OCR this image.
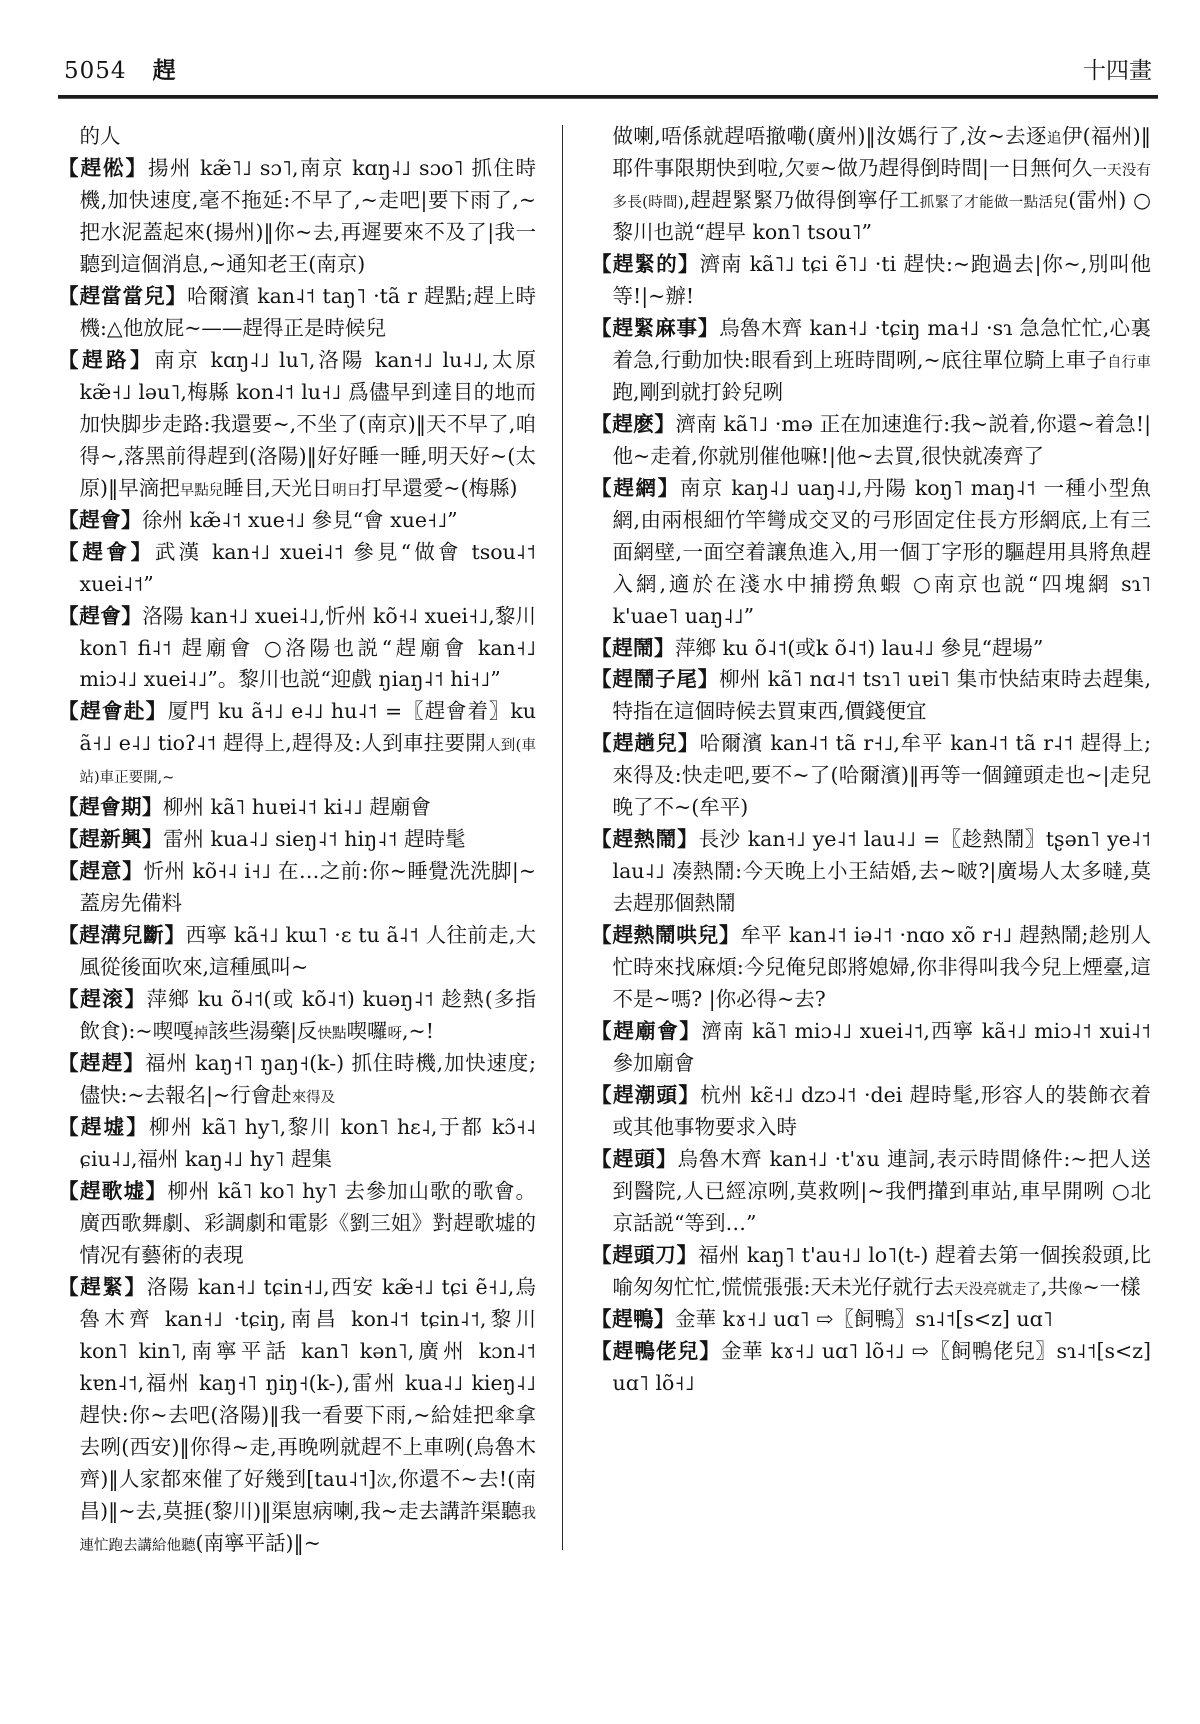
5054 趕	十四畫

的人

【趕倯】揚州 kæ̃˥˩ sɔ˥,南京 kɑŋ˨˩ sɔo˥ 抓住時機,加快速度,毫不拖延:不早了,~走吧|要下雨了,~把水泥蓋起來(揚州)‖你~去,再遲要來不及了|我一聽到這個消息,~通知老王(南京)

【趕當當兒】哈爾濱 kan˨˦ taŋ˥ ·tã r 趕點;趕上時機:△他放屁~——趕得正是時候兒

【趕路】南京 kɑŋ˨˩ lu˥,洛陽 kan˧˩ lu˨˩,太原 kæ̃˧˩ ləu˥,梅縣 kon˨˦ lu˧˩ 爲儘早到達目的地而加快脚步走路:我還要~,不坐了(南京)‖天不早了,咱得~,落黑前得趕到(洛陽)‖好好睡一睡,明天好~(太原)‖早滴把早點兒睡目,天光日明日打早還愛~(梅縣)

【趕會】徐州 kæ̃˨˦ xue˧˩ 參見“會 xue˧˩”

【趕會】武漢 kan˧˩ xuei˨˦ 參見“做會 tsou˨˦ xuei˨˦”

【趕會】洛陽 kan˧˩ xuei˨˩,忻州 kõ˧˨ xuei˧˩,黎川 kon˥ fi˨˦ 趕廟會 ○洛陽也説“趕廟會 kan˧˩ miɔ˨˩ xuei˨˩”。黎川也説“迎戲 ŋiaŋ˨˦ hi˧˩”

【趕會赴】厦門 ku ã˧˩ e˨˩ hu˨˦ =〖趕會着〗ku ã˧˩ e˨˩ tioʔ˨˦ 趕得上,趕得及:人到車拄要開人到(車站)車正要開,~

【趕會期】柳州 kã˥ huɐi˨˦ ki˨˩ 趕廟會

【趕新興】雷州 kua˨˩ sieŋ˨˦ hiŋ˨˦ 趕時髦

【趕意】忻州 kõ˧˨ i˧˩ 在…之前:你~睡覺洗洗脚|~蓋房先備料

【趕溝兒斷】西寧 kã˧˩ kɯ˥ ·ɛ tu ã˨˦ 人往前走,大風從後面吹來,這種風叫~

【趕滚】萍鄉 ku õ˨˦(或 kõ˨˦) kuəŋ˨˦ 趁熱(多指飲食):~喫嘎掉該些湯藥|反快點喫囉呀,~!

【趕趕】福州 kaŋ˧˥ ŋaŋ˧(k-) 抓住時機,加快速度;儘快:~去報名|~行會赴來得及

【趕墟】柳州 kã˥ hy˥,黎川 kon˥ hɛ˨,于都 kɔ̃˧˨ ɕiu˨˩,福州 kaŋ˨˩ hy˥ 趕集

【趕歌墟】柳州 kã˥ ko˥ hy˥ 去參加山歌的歌會。廣西歌舞劇、彩調劇和電影《劉三姐》對趕歌墟的情况有藝術的表現

【趕緊】洛陽 kan˧˩ tɕin˧˩,西安 kæ̃˧˩ tɕi ẽ˧˩,烏魯木齊 kan˧˩ ·tɕiŋ,南昌 kon˨˦ tɕin˨˦,黎川 kon˥ kin˥,南寧平話 kan˥ kən˥,廣州 kɔn˨˦ kɐn˨˦,福州 kaŋ˧˥ ŋiŋ˧(k-),雷州 kua˨˩ kieŋ˨˩ 趕快:你~去吧(洛陽)‖我一看要下雨,~給娃把傘拿去咧(西安)‖你得~走,再晚咧就趕不上車咧(烏魯木齊)‖人家都來催了好幾到[tau˨˦]次,你還不~去!(南昌)‖~去,莫捱(黎川)‖渠崽病喇,我~走去講許渠聽我連忙跑去講給他聽(南寧平話)‖~

做喇,唔係就趕唔撤嘞(廣州)‖汝媽行了,汝~去逐追伊(福州)‖耶件事限期快到啦,欠要~做乃趕得倒時間|一日無何久一天没有多長(時間),趕趕緊緊乃做得倒寧仔工抓緊了才能做一點活兒(雷州) ○黎川也説“趕早 kon˥ tsou˥”

【趕緊的】濟南 kã˥˩ tɕi ẽ˥˩ ·ti 趕快:~跑過去|你~,別叫他等!|~辦!

【趕緊麻事】烏魯木齊 kan˧˩ ·tɕiŋ ma˧˩ ·sɿ 急急忙忙,心裏着急,行動加快:眼看到上班時間咧,~底往單位騎上車子自行車跑,剛到就打鈴兒咧

【趕麽】濟南 kã˥˩ ·mə 正在加速進行:我~説着,你還~着急!|他~走着,你就別催他嘛!|他~去買,很快就凑齊了

【趕網】南京 kaŋ˨˩ uaŋ˨˩,丹陽 koŋ˥ maŋ˨˦ 一種小型魚網,由兩根細竹竿彎成交叉的弓形固定住長方形網底,上有三面網壁,一面空着讓魚進入,用一個丁字形的驅趕用具將魚趕入網,適於在淺水中捕撈魚蝦 ○南京也説“四塊網 sɿ˥ k'uae˥ uaŋ˨˩”

【趕鬧】萍鄉 ku õ˨˦(或k õ˨˦) lau˨˩ 參見“趕場”

【趕鬧子尾】柳州 kã˥ nɑ˨˦ tsɿ˥ uɐi˥ 集市快結束時去趕集,特指在這個時候去買東西,價錢便宜

【趕趟兒】哈爾濱 kan˨˦ tã r˧˩,牟平 kan˨˦ tã r˨˦ 趕得上;來得及:快走吧,要不~了(哈爾濱)‖再等一個鐘頭走也~|走兒晚了不~(牟平)

【趕熱鬧】長沙 kan˧˩ ye˨˦ lau˨˩ =〖趁熱鬧〗tʂən˥ ye˨˦ lau˨˩ 凑熱鬧:今天晚上小王結婚,去~啵?|廣場人太多噠,莫去趕那個熱鬧

【趕熱鬧哄兒】牟平 kan˨˦ iə˨˦ ·nɑo xõ r˧˩ 趕熱鬧;趁別人忙時來找麻煩:今兒俺兒郎將媳婦,你非得叫我今兒上煙臺,這不是~嗎? |你必得~去?

【趕廟會】濟南 kã˥ miɔ˨˩ xuei˨˦,西寧 kã˧˩ miɔ˨˦ xui˨˦ 參加廟會

【趕潮頭】杭州 kɛ̃˧˩ dzɔ˨˦ ·dei 趕時髦,形容人的裝飾衣着或其他事物要求入時

【趕頭】烏魯木齊 kan˧˩ ·t'ɤu 連詞,表示時間條件:~把人送到醫院,人已經凉咧,莫救咧|~我們攆到車站,車早開咧 ○北京話説“等到…”

【趕頭刀】福州 kaŋ˥ t'au˧˩ lo˥(t-) 趕着去第一個挨殺頭,比喻匆匆忙忙,慌慌張張:天未光仔就行去天没亮就走了,共像~一樣

【趕鴨】金華 kɤ˧˩ uɑ˥ ⇨〖飼鴨〗sɿ˨˦[s<z] uɑ˥

【趕鴨佬兒】金華 kɤ˧˩ uɑ˥ lõ˧˩ ⇨〖飼鴨佬兒〗sɿ˨˦[s<z] uɑ˥ lõ˧˩
